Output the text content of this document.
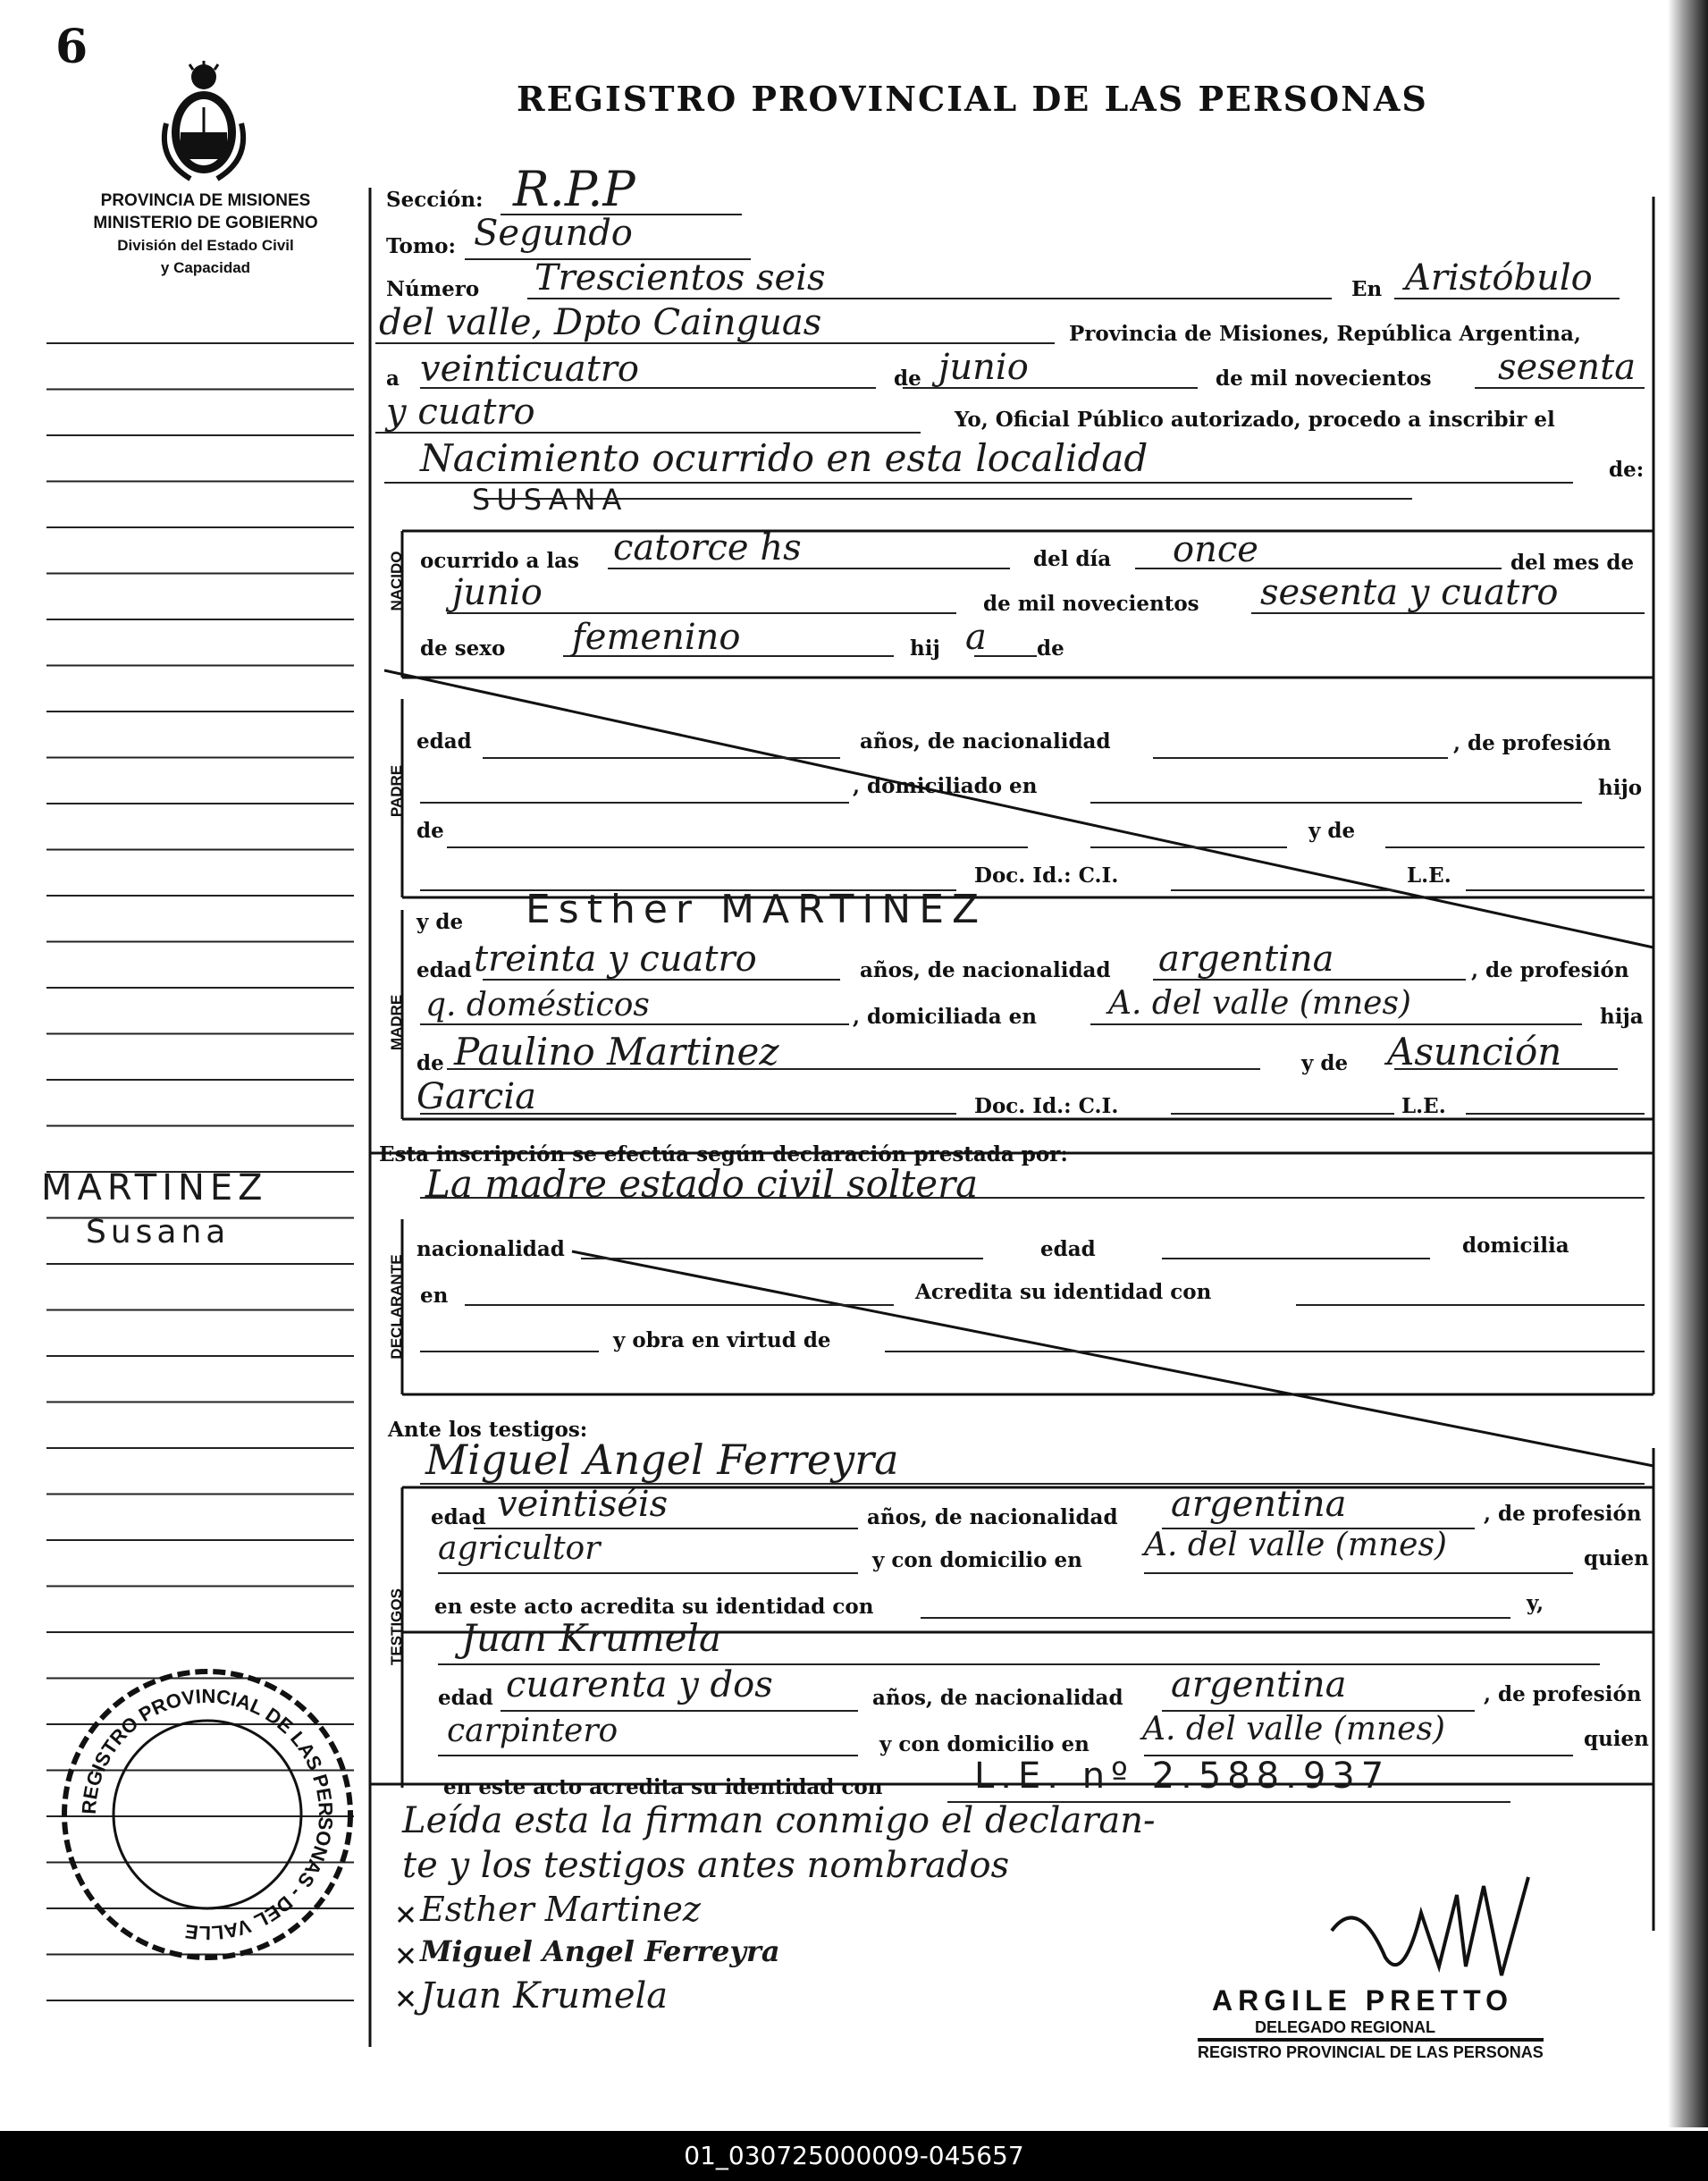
6
REGISTRO PROVINCIAL DE LAS PERSONAS
PROVINCIA DE MISIONES
MINISTERIO DE GOBIERNO
División del Estado Civil
y Capacidad
MARTINEZ
Susana
NACIDO
PADRE
MADRE
DECLARANTE
TESTIGOS
Sección: R.P.P
Tomo: Segundo
Número Trescientos seis	En Aristóbulo
del valle, Dpto Cainguas	Provincia de Misiones, República Argentina,
a veinticuatro	de junio	de mil novecientos sesenta
y cuatro	Yo, Oficial Público autorizado, procedo a inscribir el
Nacimiento ocurrido en esta localidad	de:
SUSANA
ocurrido a las catorce hs	del día once	del mes de
junio	de mil novecientos sesenta y cuatro
de sexo femenino	hij a de
edad	años, de nacionalidad	, de profesión
, domiciliado en	hijo
de	y de
Doc. Id.: C.I.	L.E.
y de Esther MARTINEZ
edad treinta y cuatro	años, de nacionalidad argentina	, de profesión
q. domésticos	, domiciliada en A. del valle (mnes)	hija
de Paulino Martinez	y de Asunción
Garcia	Doc. Id.: C.I.	L.E.
Esta inscripción se efectúa según declaración prestada por:
La madre estado civil soltera
nacionalidad	edad	domicilia
en	Acredita su identidad con
y obra en virtud de
Ante los testigos:
Miguel Angel Ferreyra
edad veintiséis	años, de nacionalidad argentina	, de profesión
agricultor	y con domicilio en A. del valle (mnes)	quien
en este acto acredita su identidad con	y,
Juan Krumela
edad cuarenta y dos	años, de nacionalidad argentina	, de profesión
carpintero	y con domicilio en A. del valle (mnes)	quien
en este acto acredita su identidad con	L.E. nº 2.588.937
Leída esta la firman conmigo el declaran-
te y los testigos antes nombrados
Esther Martinez
Miguel Angel Ferreyra
Juan Krumela	ARGILE PRETTO
DELEGADO REGIONAL
REGISTRO PROVINCIAL DE LAS PERSONAS
REGISTRO PROVINCIAL DE LAS PERSONAS - DEL VALLE
01_030725000009-045657
